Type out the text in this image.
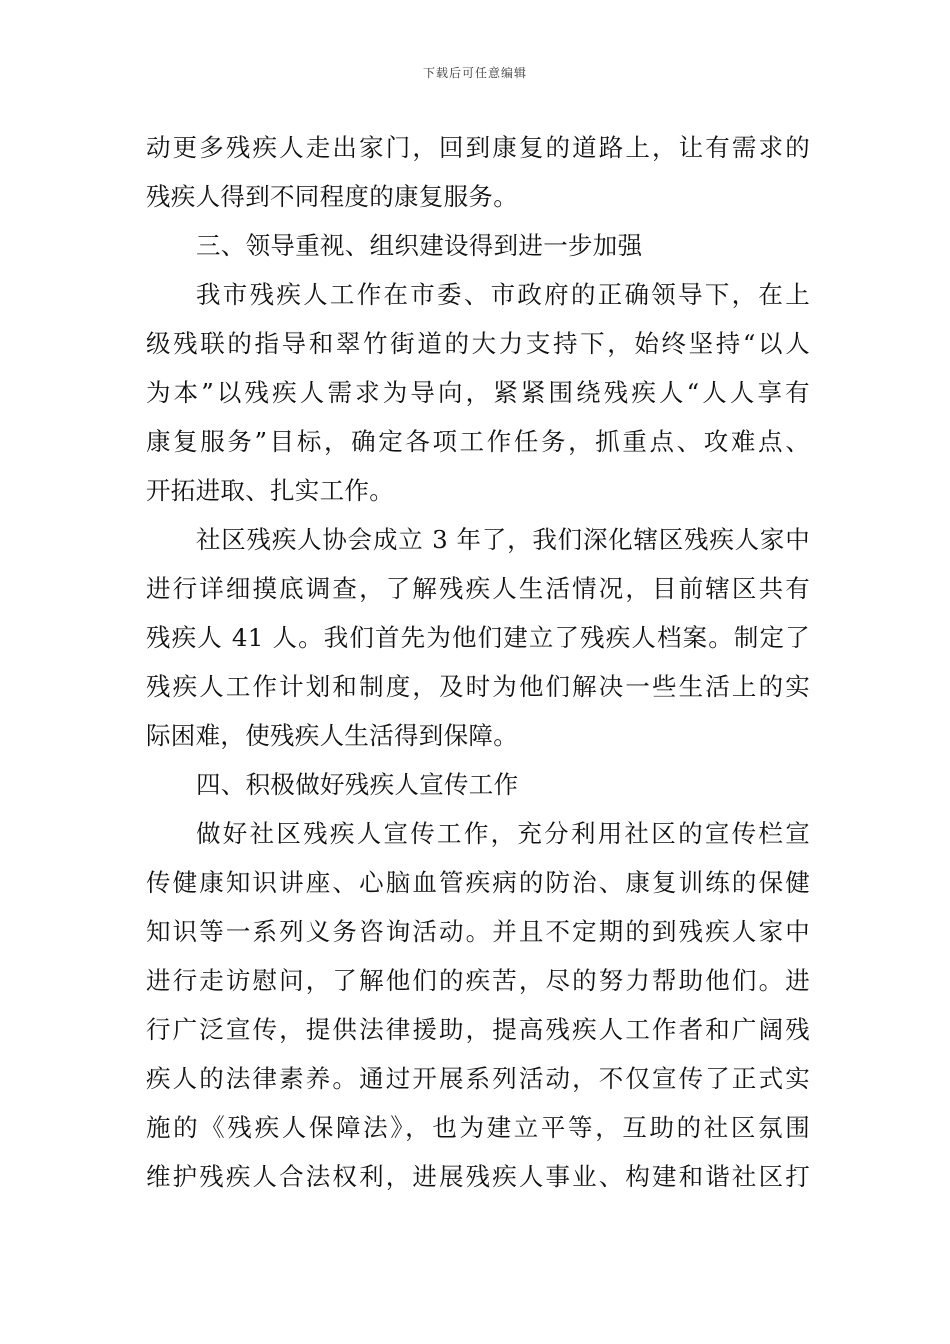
下载后可任意编辑
动更多残疾人走出家门，回到康复的道路上，让有需求的
残疾人得到不同程度的康复服务。
三、领导重视、组织建设得到进一步加强
我市残疾人工作在市委、市政府的正确领导下，在上
级残联的指导和翠竹街道的大力支持下，始终坚持“以人
为本”以残疾人需求为导向，紧紧围绕残疾人“人人享有
康复服务”目标，确定各项工作任务，抓重点、攻难点、
开拓进取、扎实工作。
社区残疾人协会成立 3 年了，我们深化辖区残疾人家中
进行详细摸底调查，了解残疾人生活情况，目前辖区共有
残疾人 41 人。我们首先为他们建立了残疾人档案。制定了
残疾人工作计划和制度，及时为他们解决一些生活上的实
际困难，使残疾人生活得到保障。
四、积极做好残疾人宣传工作
做好社区残疾人宣传工作，充分利用社区的宣传栏宣
传健康知识讲座、心脑血管疾病的防治、康复训练的保健
知识等一系列义务咨询活动。并且不定期的到残疾人家中
进行走访慰问，了解他们的疾苦，尽的努力帮助他们。进
行广泛宣传，提供法律援助，提高残疾人工作者和广阔残
疾人的法律素养。通过开展系列活动，不仅宣传了正式实
施的《残疾人保障法》，也为建立平等，互助的社区氛围
维护残疾人合法权利，进展残疾人事业、构建和谐社区打
